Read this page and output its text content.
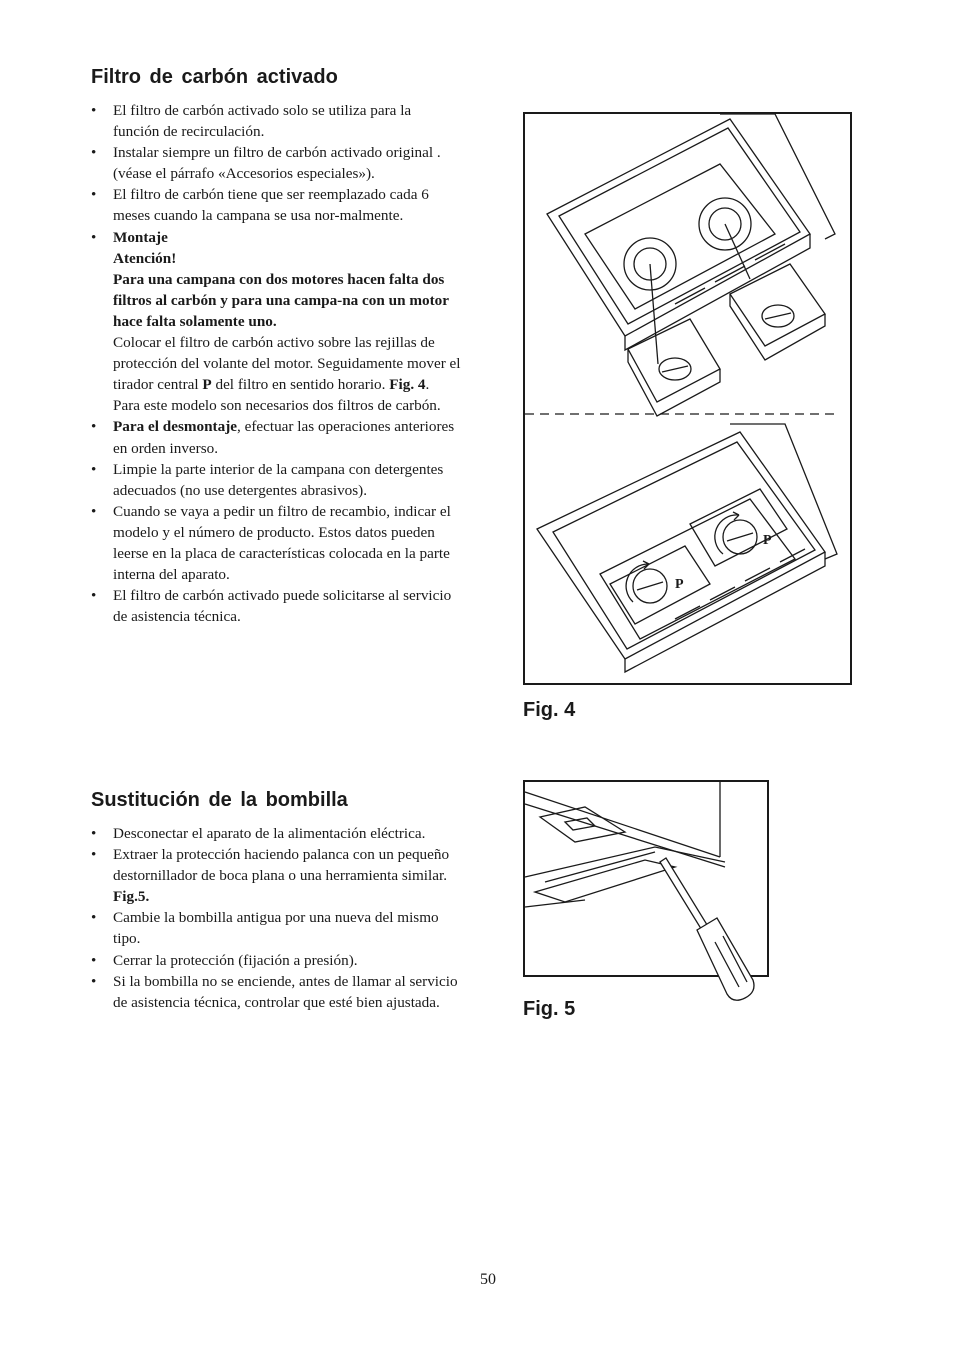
Filtro de carbón activado
• El filtro de carbón activado solo se utiliza para la función de recirculación.
• Instalar siempre un filtro de carbón activado original . (véase el párrafo «Accesorios especiales»).
• El filtro de carbón tiene que ser reemplazado cada 6 meses cuando la campana se usa nor-malmente.
• Montaje
Atención!
Para una campana con dos motores hacen falta dos filtros al carbón y para una campa-na con un motor hace falta solamente uno.
Colocar el filtro de carbón activo sobre las rejillas de protección del volante del motor. Seguidamente mover el tirador central P del filtro en sentido horario. Fig. 4.
Para este modelo son necesarios dos filtros de carbón.
• Para el desmontaje, efectuar las operaciones anteriores en orden inverso.
• Limpie la parte interior de la campana con detergentes adecuados (no use detergentes abrasivos).
• Cuando se vaya a pedir un filtro de recambio, indicar el modelo y el número de producto. Estos datos pueden leerse en la placa de características colocada en la parte interna del aparato.
• El filtro de carbón activado puede solicitarse al servicio de asistencia técnica.
Sustitución de la bombilla
• Desconectar el aparato de la alimentación eléctrica.
• Extraer la protección haciendo palanca con un pequeño destornillador de boca plana o una herramienta similar. Fig.5.
• Cambie la bombilla antigua por una nueva del mismo tipo.
• Cerrar la protección (fijación a presión).
• Si la bombilla no se enciende, antes de llamar al servicio de asistencia técnica, controlar que esté bien ajustada.
P
P

Fig. 4

Fig. 5

50
